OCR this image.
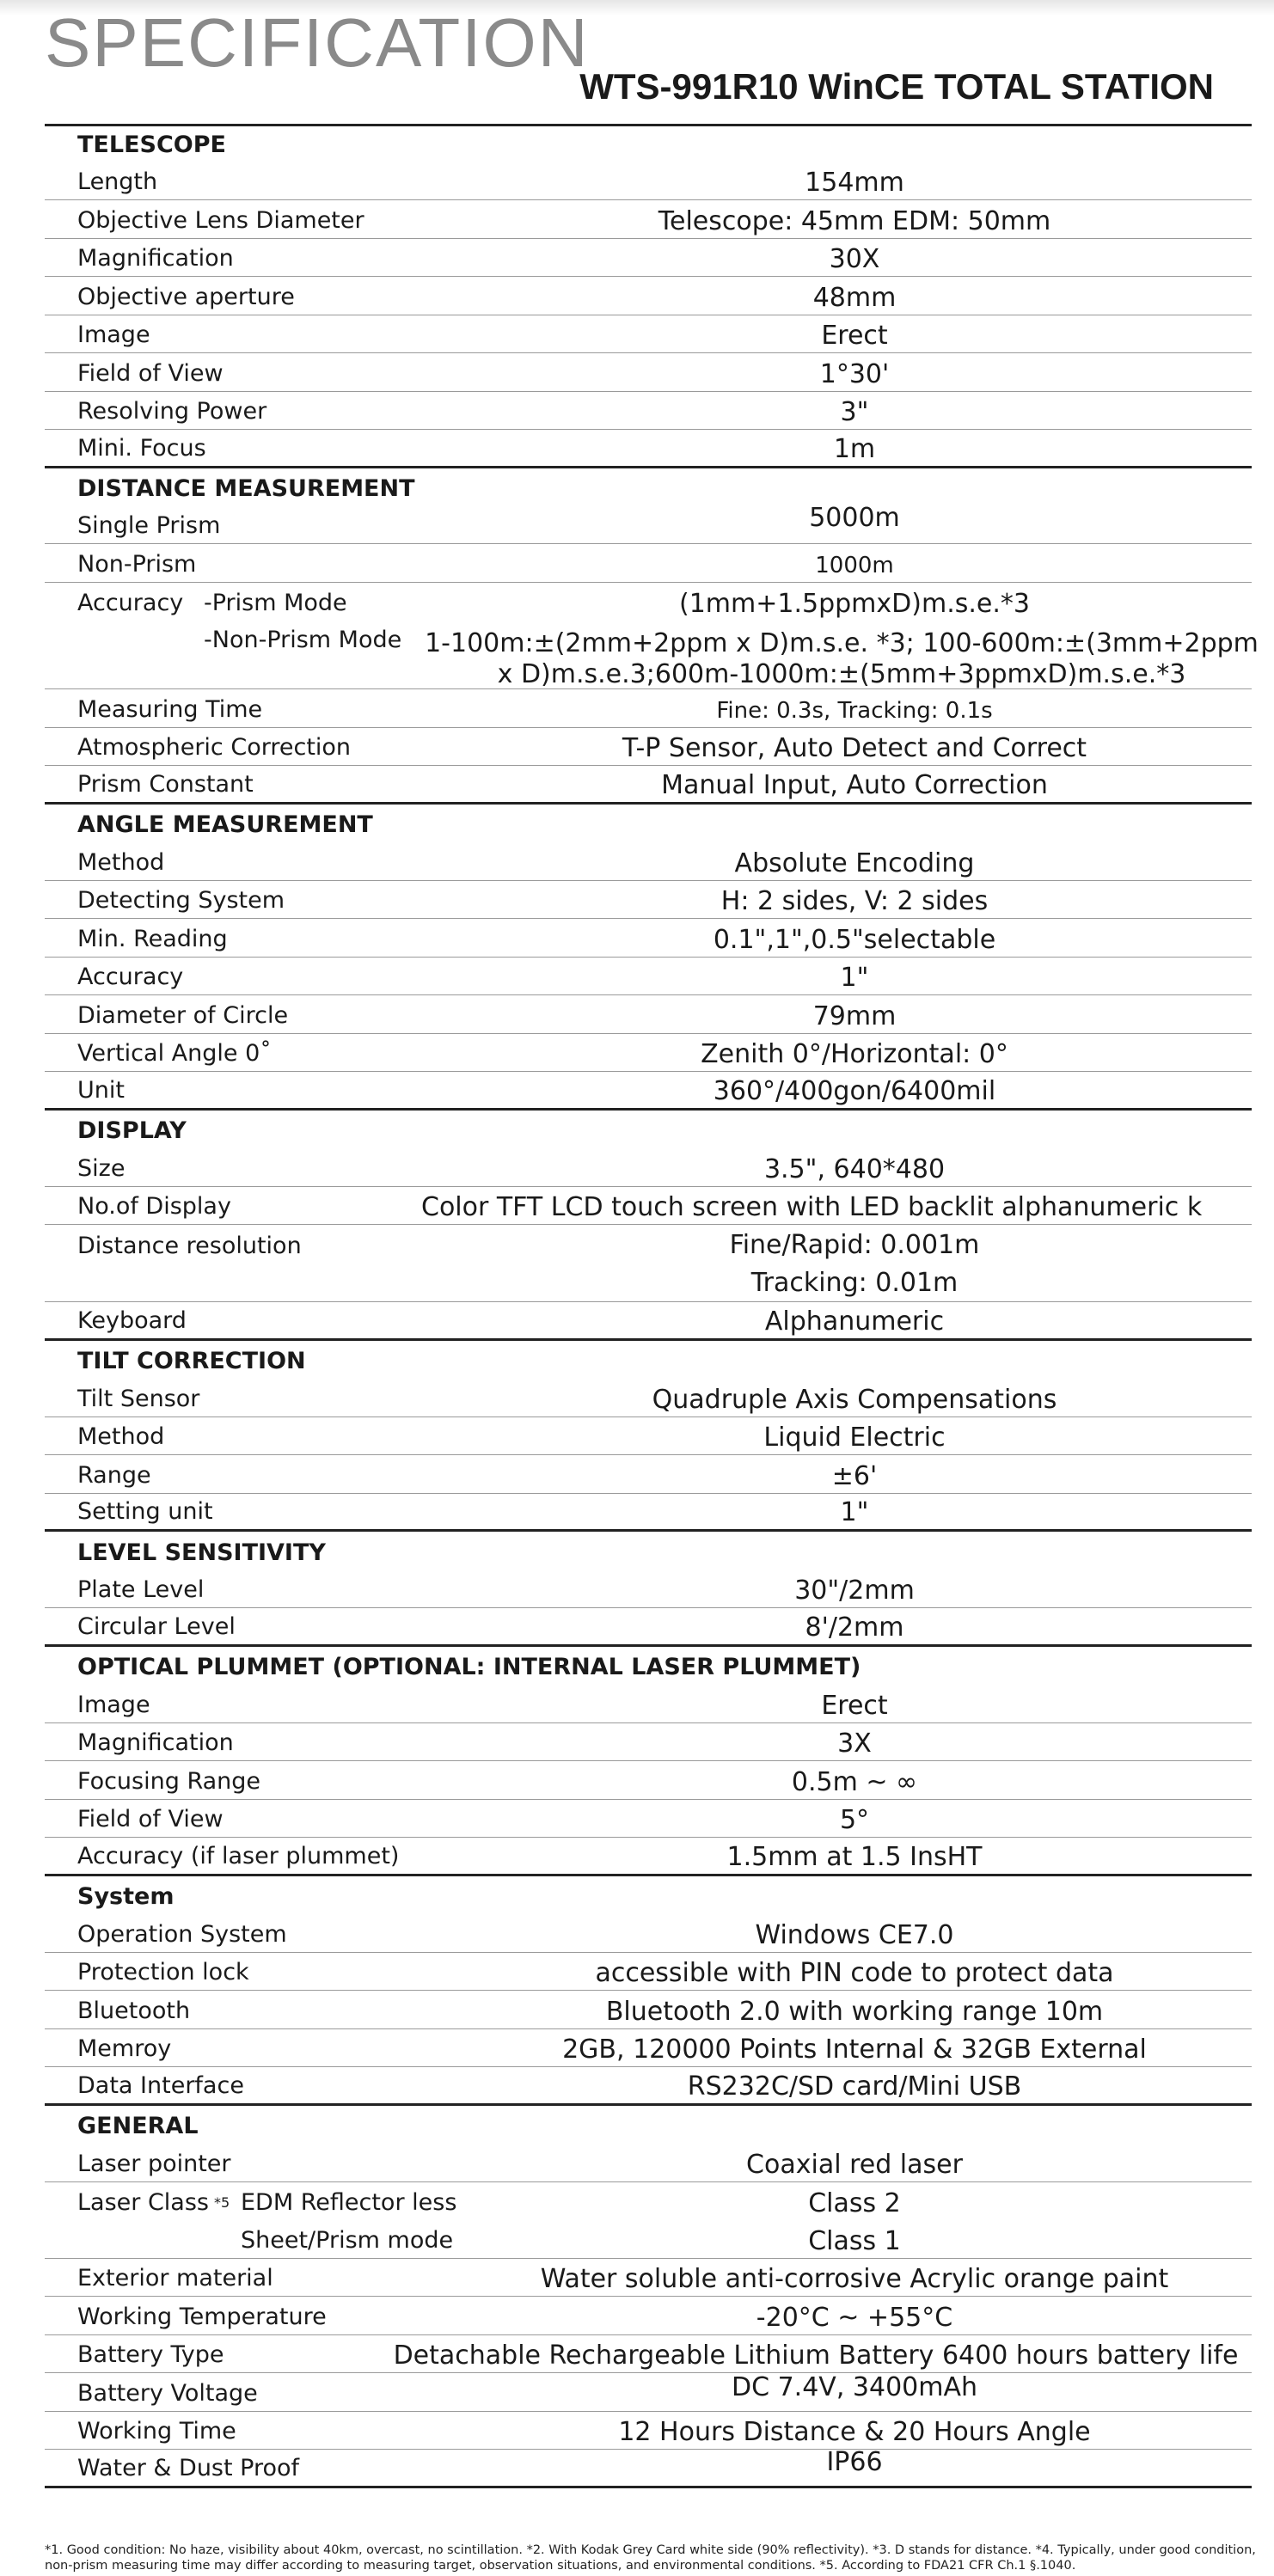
SPECIFICATION
WTS-991R10 WinCE TOTAL STATION
TELESCOPE
Length	154mm
Objective Lens Diameter	Telescope: 45mm EDM: 50mm
Magnification	30X
Objective aperture	48mm
Image	Erect
Field of View	1°30'
Resolving Power	3"
Mini. Focus	1m
DISTANCE MEASUREMENT
Single Prism	5000m
Non-Prism	1000m
Accuracy -Prism Mode	(1mm+1.5ppmxD)m.s.e.*3
-Non-Prism Mode 1-100m:±(2mm+2ppm x D)m.s.e. *3; 100-600m:±(3mm+2ppm x D)m.s.e.3;600m-1000m:±(5mm+3ppmxD)m.s.e.*3
Measuring Time	Fine: 0.3s, Tracking: 0.1s
Atmospheric Correction	T-P Sensor, Auto Detect and Correct
Prism Constant	Manual Input, Auto Correction
ANGLE MEASUREMENT
Method	Absolute Encoding
Detecting System	H: 2 sides, V: 2 sides
Min. Reading	0.1",1",0.5"selectable
Accuracy	1"
Diameter of Circle	79mm
Vertical Angle 0˚	Zenith 0°/Horizontal: 0°
Unit	360°/400gon/6400mil
DISPLAY
Size	3.5", 640*480
No.of Display	Color TFT LCD touch screen with LED backlit alphanumeric k
Distance resolution	Fine/Rapid: 0.001m
Tracking: 0.01m
Keyboard	Alphanumeric
TILT CORRECTION
Tilt Sensor	Quadruple Axis Compensations
Method	Liquid Electric
Range	±6'
Setting unit	1"
LEVEL SENSITIVITY
Plate Level	30"/2mm
Circular Level	8'/2mm
OPTICAL PLUMMET (OPTIONAL: INTERNAL LASER PLUMMET)
Image	Erect
Magnification	3X
Focusing Range	0.5m ~ ∞
Field of View	5°
Accuracy (if laser plummet)	1.5mm at 1.5 InsHT
System
Operation System	Windows CE7.0
Protection lock	accessible with PIN code to protect data
Bluetooth	Bluetooth 2.0 with working range 10m
Memroy	2GB, 120000 Points Internal & 32GB External
Data Interface	RS232C/SD card/Mini USB
GENERAL
Laser pointer	Coaxial red laser
Laser Class $^{*5}$ EDM Reflector less	Class 2
Sheet/Prism mode	Class 1
Exterior material	Water soluble anti-corrosive Acrylic orange paint
Working Temperature	-20°C ~ +55°C
Battery Type	Detachable Rechargeable Lithium Battery 6400 hours battery life
Battery Voltage	DC 7.4V, 3400mAh
Working Time	12 Hours Distance & 20 Hours Angle
Water & Dust Proof	IP66
*1. Good condition: No haze, visibility about 40km, overcast, no scintillation. *2. With Kodak Grey Card white side (90% reflectivity). *3. D stands for distance. *4. Typically, under good condition, non-prism measuring time may differ according to measuring target, observation situations, and environmental conditions. *5. According to FDA21 CFR Ch.1 §.1040.
